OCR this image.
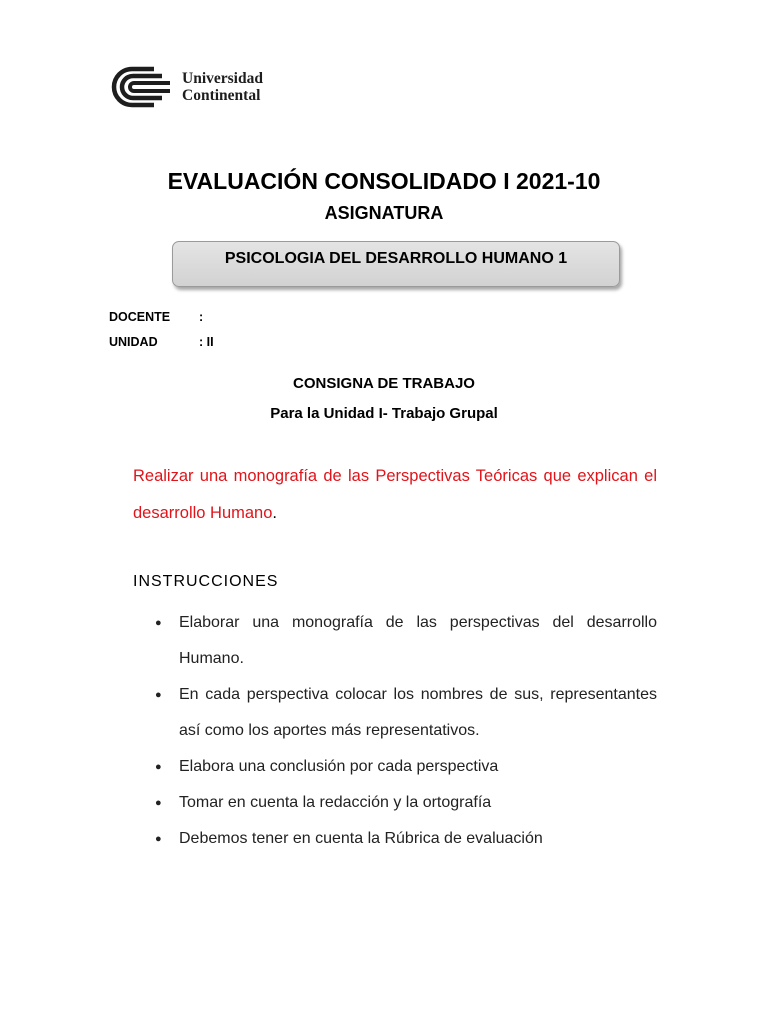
Universidad
Continental
EVALUACIÓN CONSOLIDADO I 2021-10
ASIGNATURA
PSICOLOGIA DEL DESARROLLO HUMANO 1
DOCENTE :
UNIDAD	: II
CONSIGNA DE TRABAJO
Para la Unidad I- Trabajo Grupal
Realizar una monografía de las Perspectivas Teóricas que explican el desarrollo Humano.
INSTRUCCIONES
● Elaborar una monografía de las perspectivas del desarrollo Humano.
● En cada perspectiva colocar los nombres de sus, representantes así como los aportes más representativos.
● Elabora una conclusión por cada perspectiva
● Tomar en cuenta la redacción y la ortografía
● Debemos tener en cuenta la Rúbrica de evaluación
